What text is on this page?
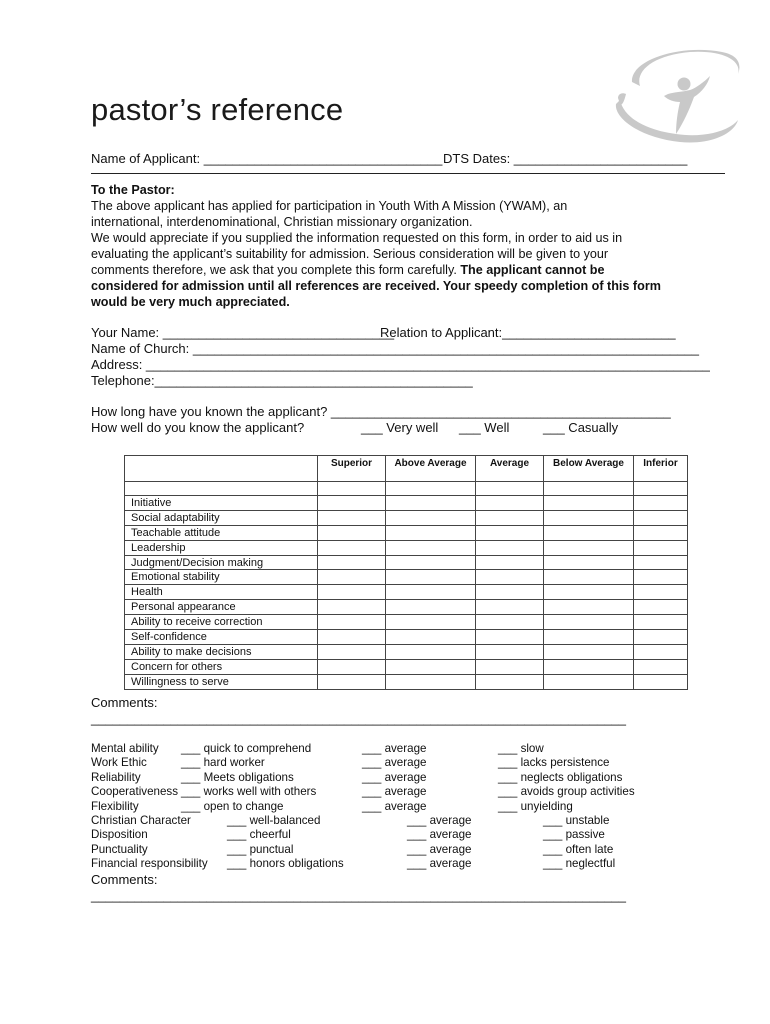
pastor’s reference
Name of Applicant: _________________________________ DTS Dates: ________________________
To the Pastor:
The above applicant has applied for participation in Youth With A Mission (YWAM), an
international, interdenominational, Christian missionary organization.
We would appreciate if you supplied the information requested on this form, in order to aid us in
evaluating the applicant’s suitability for admission. Serious consideration will be given to your
comments therefore, we ask that you complete this form carefully. The applicant cannot be
considered for admission until all references are received. Your speedy completion of this form
would be very much appreciated.
Your Name: ________________________________
Relation to Applicant:________________________
Name of Church: ______________________________________________________________________
Address: ______________________________________________________________________________
Telephone:____________________________________________
How long have you known the applicant? _______________________________________________
How well do you know the applicant?	___ Very well ___ Well	___ Casually
	Superior	Above Average	Average	Below Average	Inferior

Initiative					
Social adaptability					
Teachable attitude					
Leadership					
Judgment/Decision making					
Emotional stability					
Health					
Personal appearance					
Ability to receive correction					
Self-confidence					
Ability to make decisions					
Concern for others					
Willingness to serve					
Comments:
__________________________________________________________________________
Mental ability ___ quick to comprehend	___ average	___ slow
Work Ethic	___ hard worker	___ average	___ lacks persistence
Reliability	___ Meets obligations	___ average	___ neglects obligations
Cooperativeness ___ works well with others	___ average	___ avoids group activities
Flexibility	___ open to change	___ average	___ unyielding
Christian Character	___ well-balanced	___ average	___ unstable
Disposition	___ cheerful	___ average	___ passive
Punctuality	___ punctual	___ average	___ often late
Financial responsibility ___ honors obligations	___ average	___ neglectful
Comments:
__________________________________________________________________________
